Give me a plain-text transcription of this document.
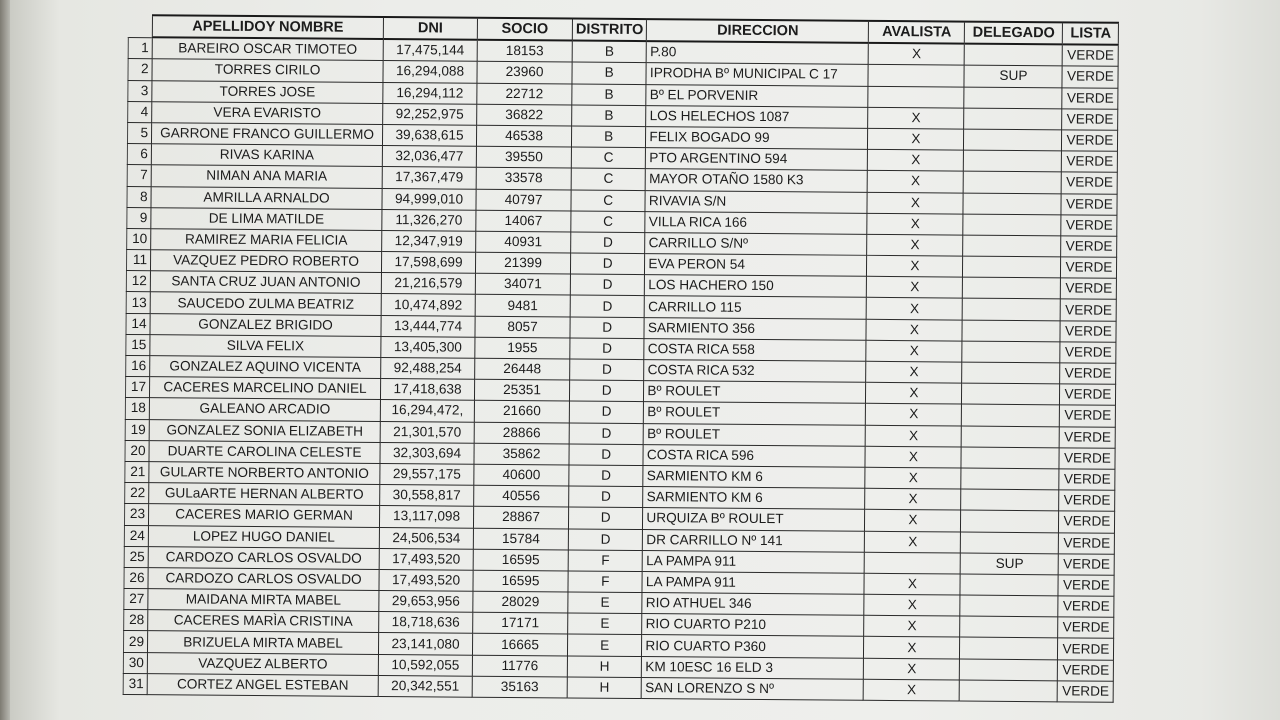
	APELLIDOY NOMBRE	DNI	SOCIO	DISTRITO	DIRECCION	AVALISTA	DELEGADO	LISTA
1	BAREIRO OSCAR TIMOTEO	17,475,144	18153	B	P.80	X		VERDE
2	TORRES CIRILO	16,294,088	23960	B	IPRODHA Bº MUNICIPAL C 17		SUP	VERDE
3	TORRES JOSE	16,294,112	22712	B	Bº EL PORVENIR			VERDE
4	VERA EVARISTO	92,252,975	36822	B	LOS HELECHOS 1087	X		VERDE
5	GARRONE FRANCO GUILLERMO	39,638,615	46538	B	FELIX BOGADO 99	X		VERDE
6	RIVAS KARINA	32,036,477	39550	C	PTO ARGENTINO 594	X		VERDE
7	NIMAN ANA MARIA	17,367,479	33578	C	MAYOR OTAÑO 1580 K3	X		VERDE
8	AMRILLA ARNALDO	94,999,010	40797	C	RIVAVIA S/N	X		VERDE
9	DE LIMA MATILDE	11,326,270	14067	C	VILLA RICA 166	X		VERDE
10	RAMIREZ MARIA FELICIA	12,347,919	40931	D	CARRILLO S/Nº	X		VERDE
11	VAZQUEZ PEDRO ROBERTO	17,598,699	21399	D	EVA PERON 54	X		VERDE
12	SANTA CRUZ JUAN ANTONIO	21,216,579	34071	D	LOS HACHERO 150	X		VERDE
13	SAUCEDO ZULMA BEATRIZ	10,474,892	9481	D	CARRILLO 115	X		VERDE
14	GONZALEZ BRIGIDO	13,444,774	8057	D	SARMIENTO 356	X		VERDE
15	SILVA FELIX	13,405,300	1955	D	COSTA RICA 558	X		VERDE
16	GONZALEZ AQUINO VICENTA	92,488,254	26448	D	COSTA RICA 532	X		VERDE
17	CACERES MARCELINO DANIEL	17,418,638	25351	D	Bº ROULET	X		VERDE
18	GALEANO ARCADIO	16,294,472,	21660	D	Bº ROULET	X		VERDE
19	GONZALEZ SONIA ELIZABETH	21,301,570	28866	D	Bº ROULET	X		VERDE
20	DUARTE CAROLINA CELESTE	32,303,694	35862	D	COSTA RICA 596	X		VERDE
21	GULARTE NORBERTO ANTONIO	29,557,175	40600	D	SARMIENTO KM 6	X		VERDE
22	GULaARTE HERNAN ALBERTO	30,558,817	40556	D	SARMIENTO KM 6	X		VERDE
23	CACERES MARIO GERMAN	13,117,098	28867	D	URQUIZA Bº ROULET	X		VERDE
24	LOPEZ HUGO DANIEL	24,506,534	15784	D	DR CARRILLO Nº 141	X		VERDE
25	CARDOZO CARLOS OSVALDO	17,493,520	16595	F	LA PAMPA 911		SUP	VERDE
26	CARDOZO CARLOS OSVALDO	17,493,520	16595	F	LA PAMPA 911	X		VERDE
27	MAIDANA MIRTA MABEL	29,653,956	28029	E	RIO ATHUEL 346	X		VERDE
28	CACERES MARÌA CRISTINA	18,718,636	17171	E	RIO CUARTO P210	X		VERDE
29	BRIZUELA MIRTA MABEL	23,141,080	16665	E	RIO CUARTO P360	X		VERDE
30	VAZQUEZ ALBERTO	10,592,055	11776	H	KM 10ESC 16 ELD 3	X		VERDE
31	CORTEZ ANGEL ESTEBAN	20,342,551	35163	H	SAN LORENZO S Nº	X		VERDE
